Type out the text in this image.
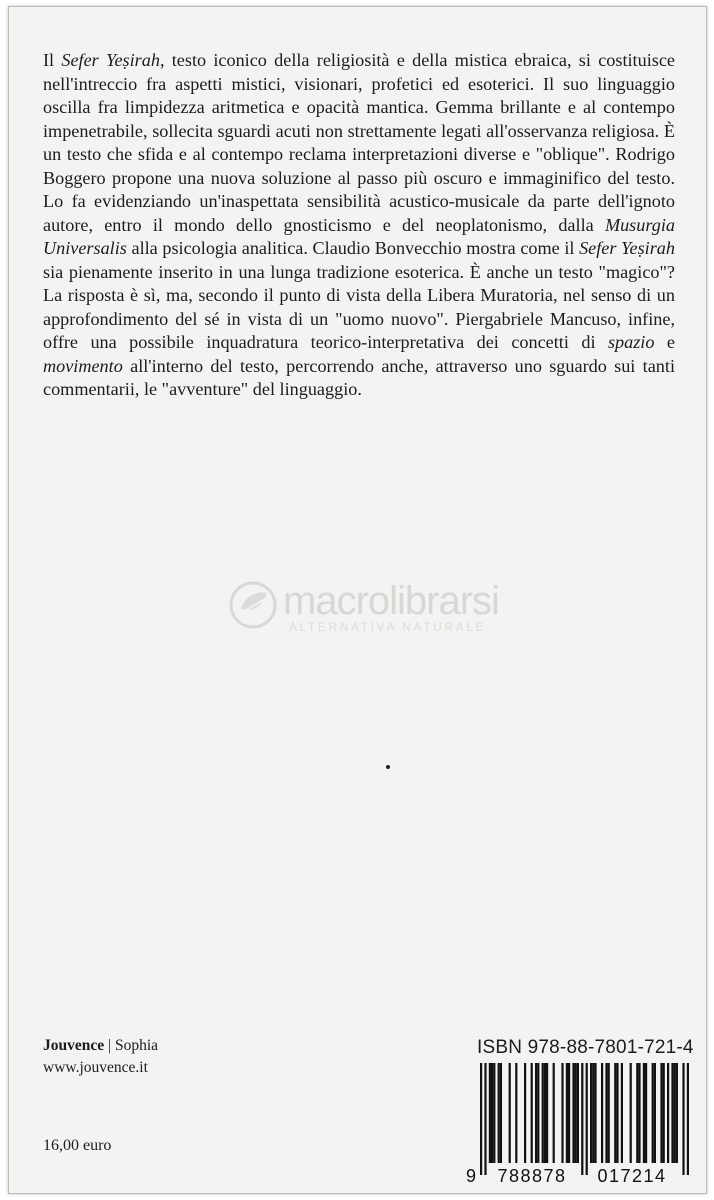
Il Sefer Yeṣirah, testo iconico della religiosità e della mistica ebraica, si costituisce nell'intreccio fra aspetti mistici, visionari, profetici ed esoterici. Il suo linguaggio oscilla fra limpidezza aritmetica e opacità mantica. Gemma brillante e al contempo impenetrabile, sollecita sguardi acuti non strettamente legati all'osservanza religiosa. È un testo che sfida e al contempo reclama interpretazioni diverse e "oblique". Rodrigo Boggero propone una nuova soluzione al passo più oscuro e immaginifico del testo. Lo fa evidenziando un'inaspettata sensibilità acustico-musicale da parte dell'ignoto autore, entro il mondo dello gnosticismo e del neoplatonismo, dalla Musurgia Universalis alla psicologia analitica. Claudio Bonvecchio mostra come il Sefer Yeṣirah sia pienamente inserito in una lunga tradizione esoterica. È anche un testo "magico"? La risposta è sì, ma, secondo il punto di vista della Libera Muratoria, nel senso di un approfondimento del sé in vista di un "uomo nuovo". Piergabriele Mancuso, infine, offre una possibile inquadratura teorico-interpretativa dei concetti di spazio e movimento all'interno del testo, percorrendo anche, attraverso uno sguardo sui tanti commentarii, le "avventure" del linguaggio.

macrolibrarsi
ALTERNATIVA NATURALE
Jouvence | Sophia
www.jouvence.it
16,00 euro
ISBN 978-88-7801-721-4
9 788878 017214
